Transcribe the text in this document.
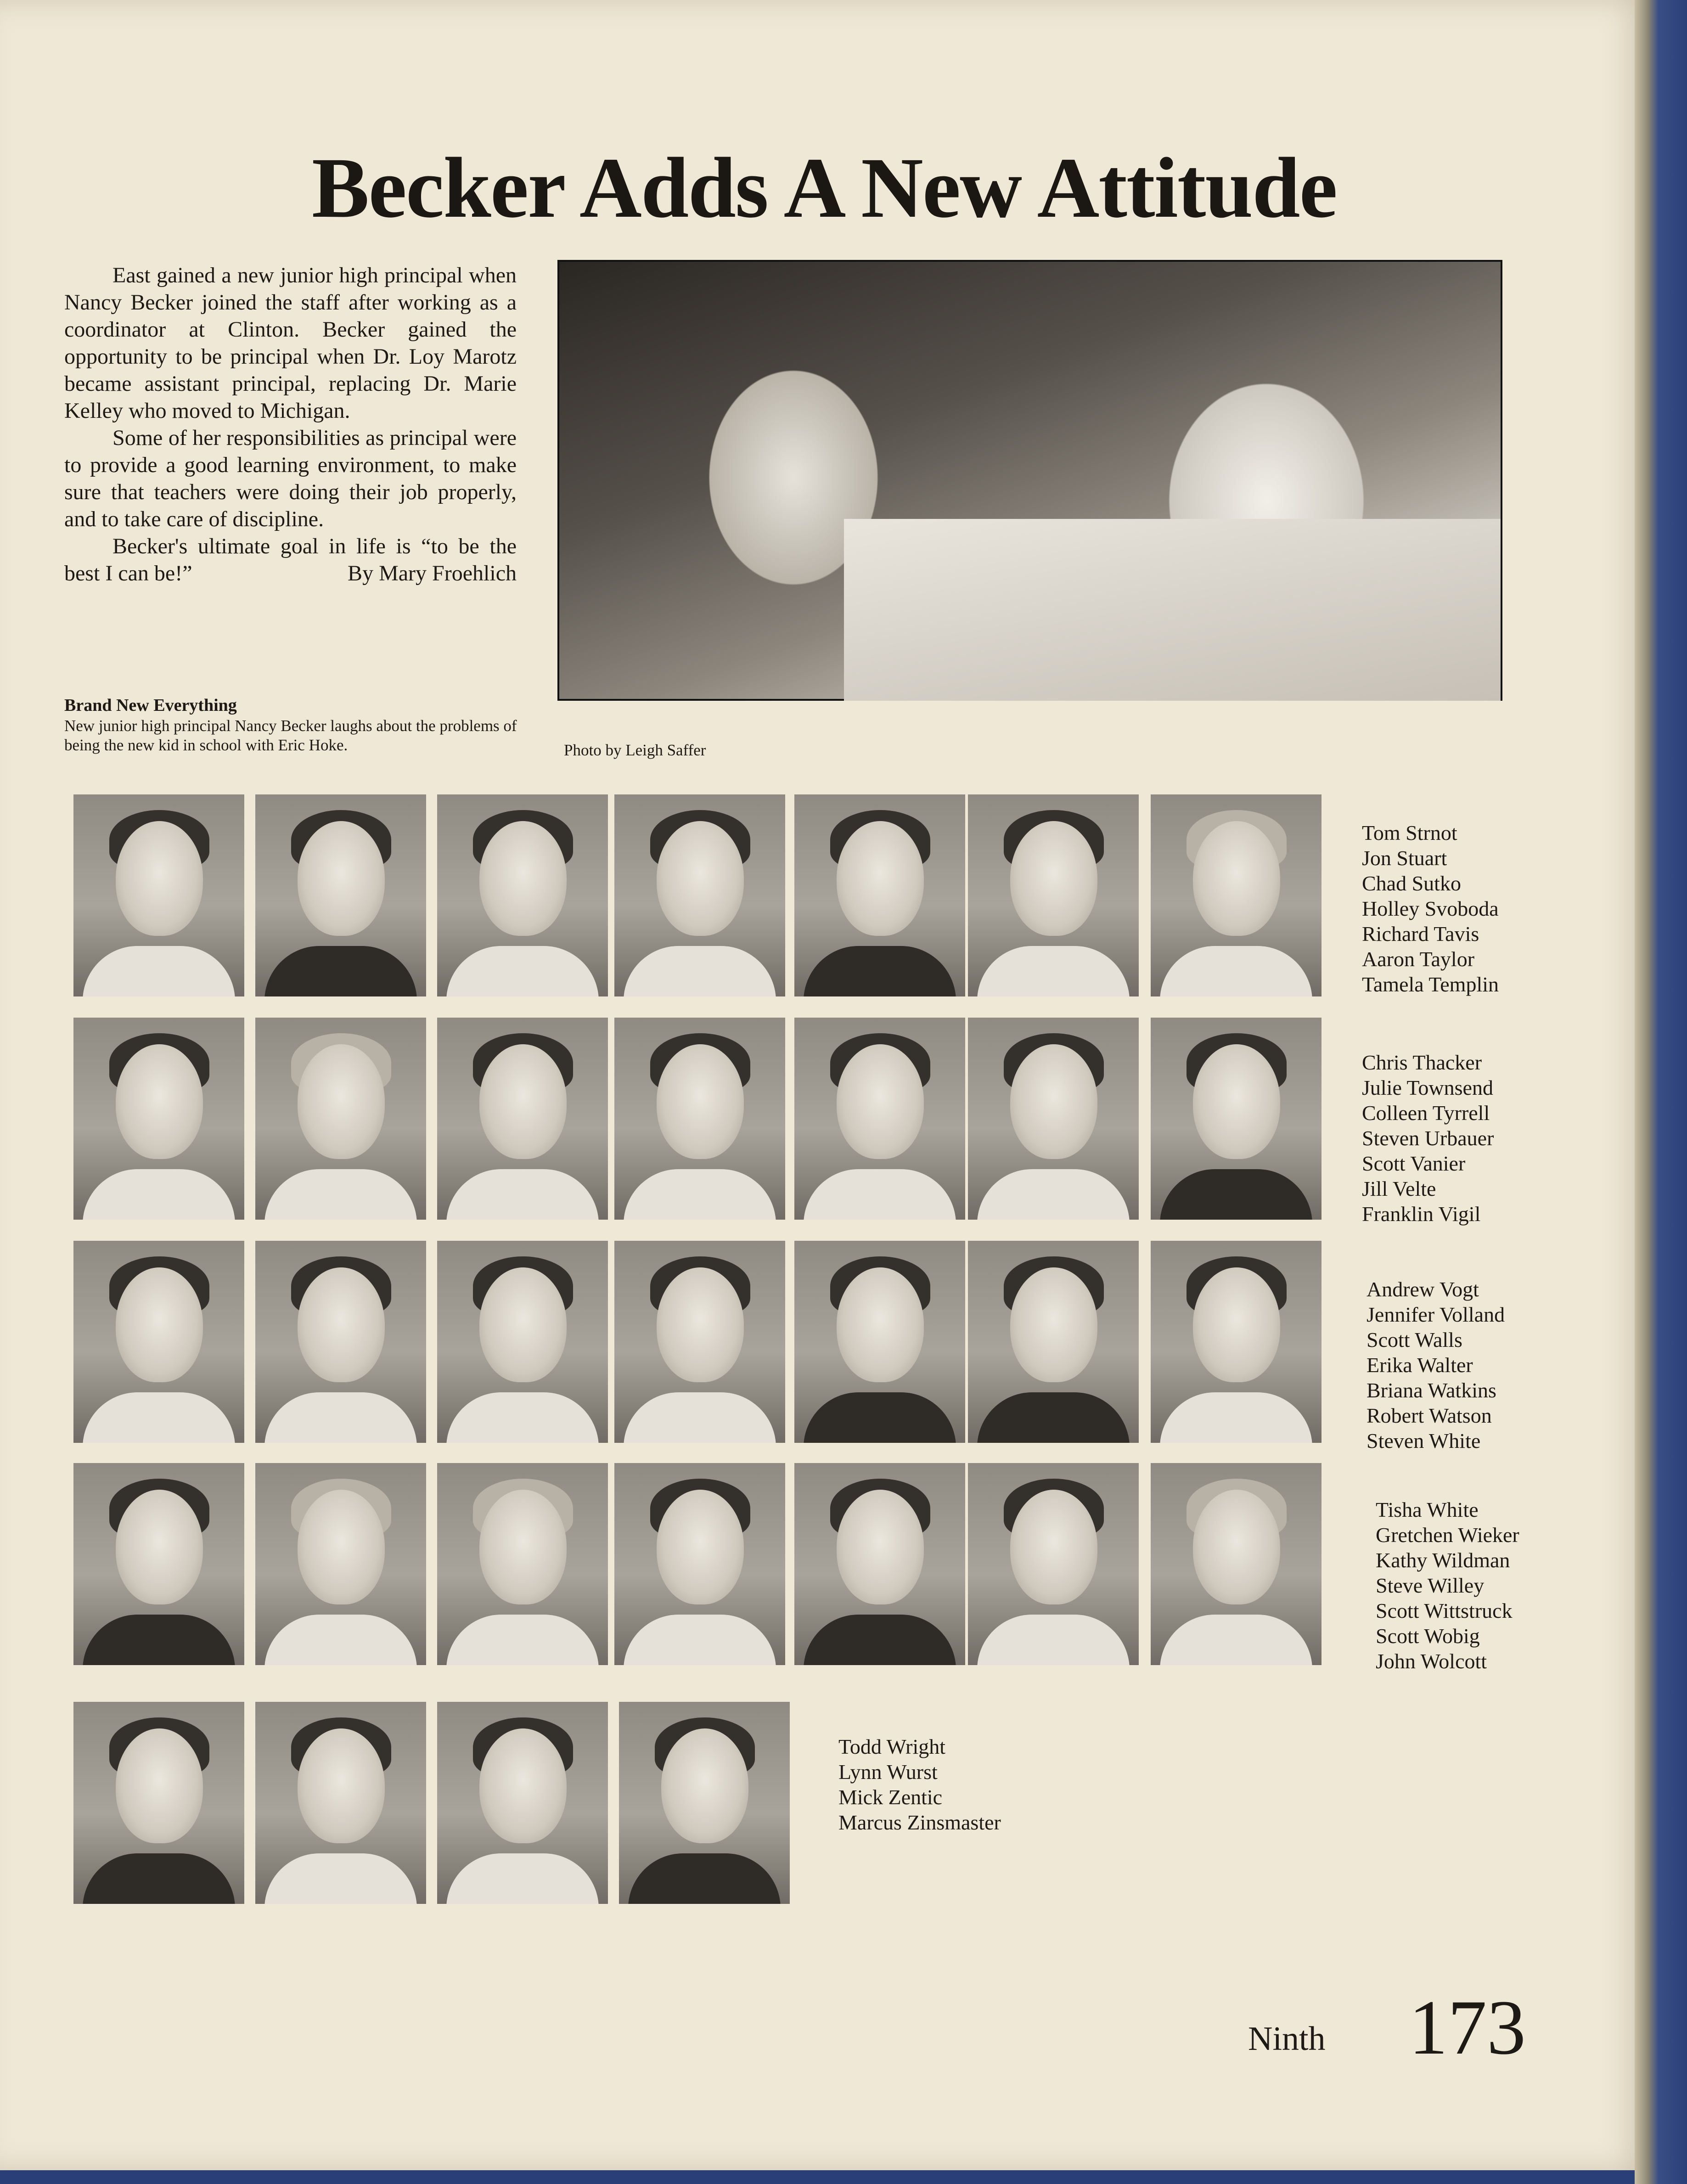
Becker Adds A New Attitude

East gained a new junior high principal when Nancy Becker joined the staff after working as a coordinator at Clinton. Becker gained the opportunity to be principal when Dr. Loy Marotz became assistant principal, replacing Dr. Marie Kelley who moved to Michigan.

Some of her responsibilities as principal were to provide a good learning environment, to make sure that teachers were doing their job properly, and to take care of discipline.

Becker's ultimate goal in life is “to be the best I can be!”	By Mary Froehlich

Brand New Everything

New junior high principal Nancy Becker laughs about the problems of being the new kid in school with Eric Hoke.	Photo by Leigh Saffer

Tom Strnot
Jon Stuart
Chad Sutko
Holley Svoboda
Richard Tavis
Aaron Taylor
Tamela Templin
Chris Thacker
Julie Townsend
Colleen Tyrrell
Steven Urbauer
Scott Vanier
Jill Velte
Franklin Vigil
Andrew Vogt
Jennifer Volland
Scott Walls
Erika Walter
Briana Watkins
Robert Watson
Steven White
Tisha White
Gretchen Wieker
Kathy Wildman
Steve Willey
Scott Wittstruck
Scott Wobig
John Wolcott
Todd Wright
Lynn Wurst
Mick Zentic
Marcus Zinsmaster

Ninth 173
